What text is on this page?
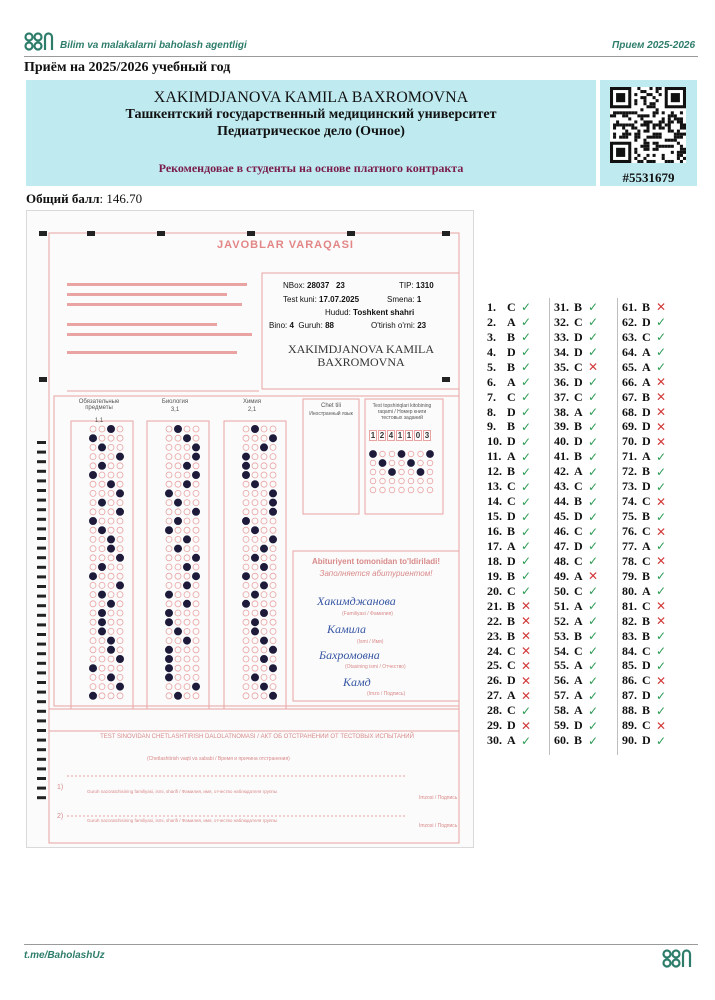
Bilim va malakalarni baholash agentligi	Прием 2025-2026
Приём на 2025/2026 учебный год
XAKIMDJANOVA KAMILA BAXROMOVNA
Ташкентский государственный медицинский университет
Педиатрическое дело (Очное)
Рекомендовае в студенты на основе платного контракта
#5531679
Общий балл: 146.70
JAVOBLAR VARAQASI
NBox: 28037 23	TIP: 1310
Test kuni: 17.07.2025	Smena: 1
Hudud: Toshkent shahri
Bino: 4 Guruh: 88	O'tirish o'rni: 23
XAKIMDJANOVA KAMILA BAXROMOVNA
Обязательные предметы
1,1
Биология
3,1
Химия
2,1
Chet tili
Иностранный язык
Test topshiriqlari kitobining raqami / Номер книги тестовых заданий
1 2 4 1 1 0 3
Abituriyent tomonidan to'ldiriladi!
Заполняется абитуриентом!
Хакимджанова
(Familiyasi / Фамилия)
Камила
(Ismi / Имя)
Бахромовна
(Otasining ismi / Отчество)
Камд
(Imzo / Подпись)
TEST SINOVIDAN CHETLASHTIRISH DALOLATNOMASI / АКТ ОБ ОТСТРАНЕНИИ ОТ ТЕСТОВЫХ ИСПЫТАНИЙ
(Chetlashtirish vaqti va sababi / Время и причина отстранения)
1)
Guruh nazoratchisining familiyasi, ismi, sharifi / Фамилия, имя, отчество наблюдателя группы
Imzosi / Подпись
2)
Guruh nazoratchisining familiyasi, ismi, sharifi / Фамилия, имя, отчество наблюдателя группы
Imzosi / Подпись
1. C ✓
2. A ✓
3. B ✓
4. D ✓
5. B ✓
6. A ✓
7. C ✓
8. D ✓
9. B ✓
10. D ✓
11. A ✓
12. B ✓
13. C ✓
14. C ✓
15. D ✓
16. B ✓
17. A ✓
18. D ✓
19. B ✓
20. C ✓
21. B ✕
22. B ✕
23. B ✕
24. C ✕
25. C ✕
26. D ✕
27. A ✕
28. C ✓
29. D ✕
30. A ✓
31. B ✓
32. C ✓
33. D ✓
34. D ✓
35. C ✕
36. D ✓
37. C ✓
38. A ✓
39. B ✓
40. D ✓
41. B ✓
42. A ✓
43. C ✓
44. B ✓
45. D ✓
46. C ✓
47. D ✓
48. C ✓
49. A ✕
50. C ✓
51. A ✓
52. A ✓
53. B ✓
54. C ✓
55. A ✓
56. A ✓
57. A ✓
58. A ✓
59. D ✓
60. B ✓
61. B ✕
62. D ✓
63. C ✓
64. A ✓
65. A ✓
66. A ✕
67. B ✕
68. D ✕
69. D ✕
70. D ✕
71. A ✓
72. B ✓
73. D ✓
74. C ✕
75. B ✓
76. C ✕
77. A ✓
78. C ✕
79. B ✓
80. A ✓
81. C ✕
82. B ✕
83. B ✓
84. C ✓
85. D ✓
86. C ✕
87. D ✓
88. B ✓
89. C ✕
90. D ✓
t.me/BaholashUz
